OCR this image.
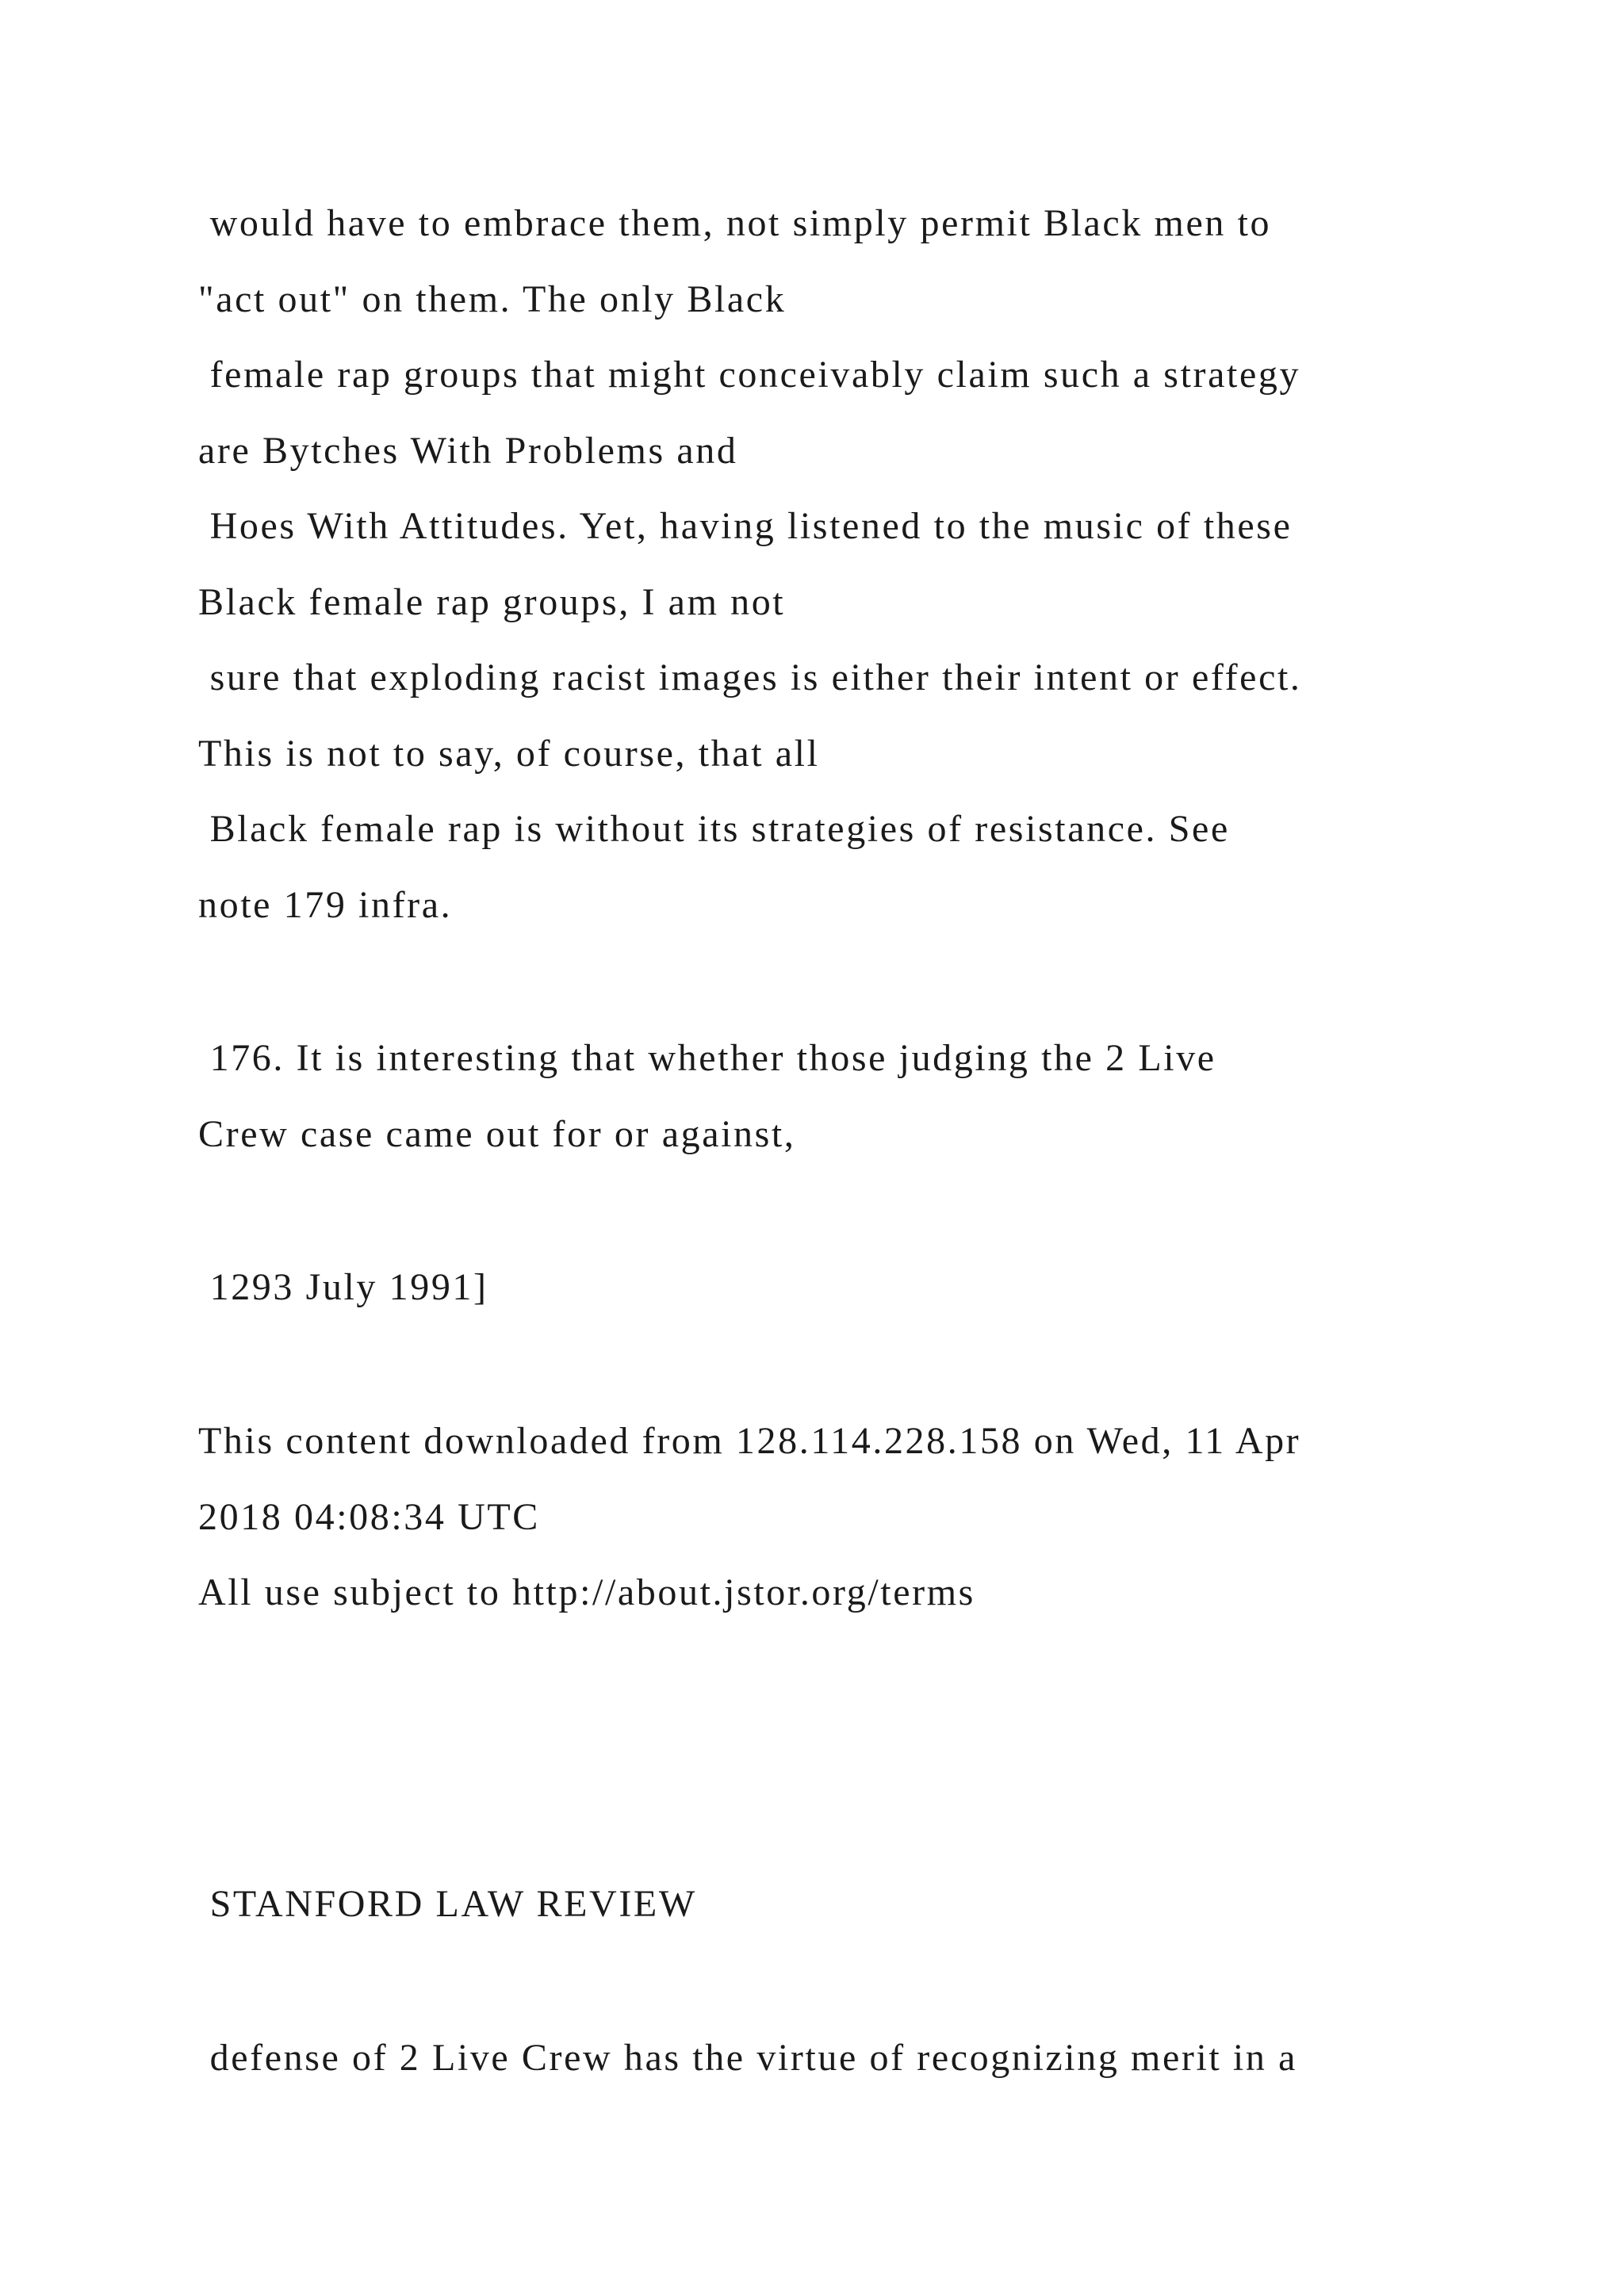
would have to embrace them, not simply permit Black men to

"act out" on them. The only Black

female rap groups that might conceivably claim such a strategy

are Bytches With Problems and

Hoes With Attitudes. Yet, having listened to the music of these

Black female rap groups, I am not

sure that exploding racist images is either their intent or effect.

This is not to say, of course, that all

Black female rap is without its strategies of resistance. See

note 179 infra.

176. It is interesting that whether those judging the 2 Live

Crew case came out for or against,

1293 July 1991]

This content downloaded from 128.114.228.158 on Wed, 11 Apr

2018 04:08:34 UTC

All use subject to http://about.jstor.org/terms

STANFORD LAW REVIEW

defense of 2 Live Crew has the virtue of recognizing merit in a
